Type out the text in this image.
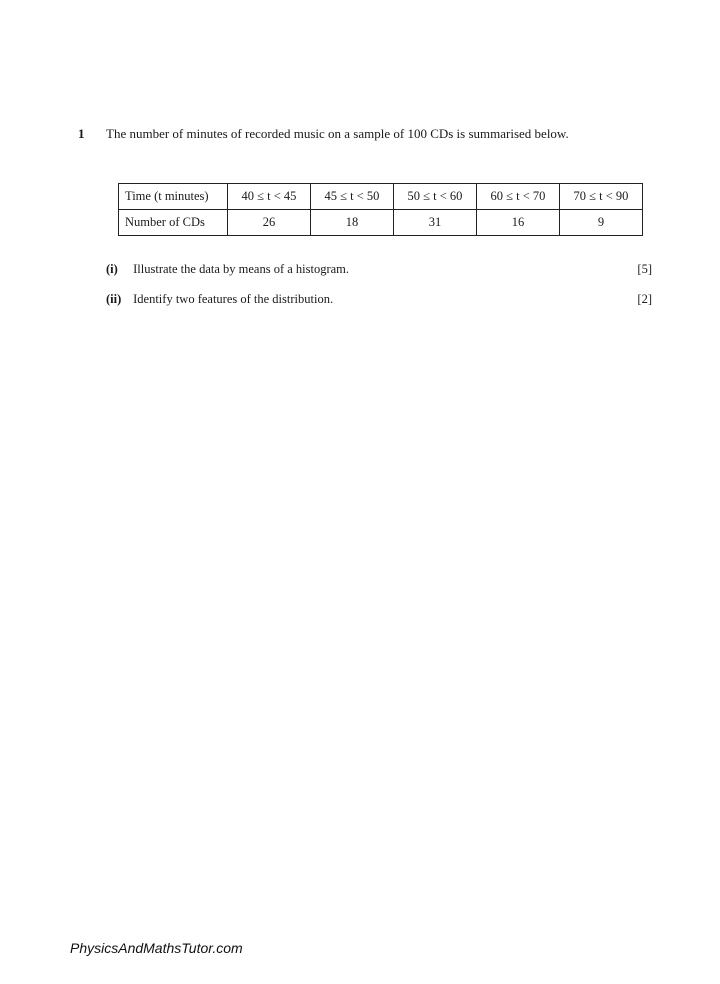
1 The number of minutes of recorded music on a sample of 100 CDs is summarised below.
Time (t minutes)	40 ≤ t < 45	45 ≤ t < 50	50 ≤ t < 60	60 ≤ t < 70	70 ≤ t < 90
Number of CDs	26	18	31	16	9
(i) Illustrate the data by means of a histogram.	[5]
(ii) Identify two features of the distribution.	[2]
PhysicsAndMathsTutor.com
